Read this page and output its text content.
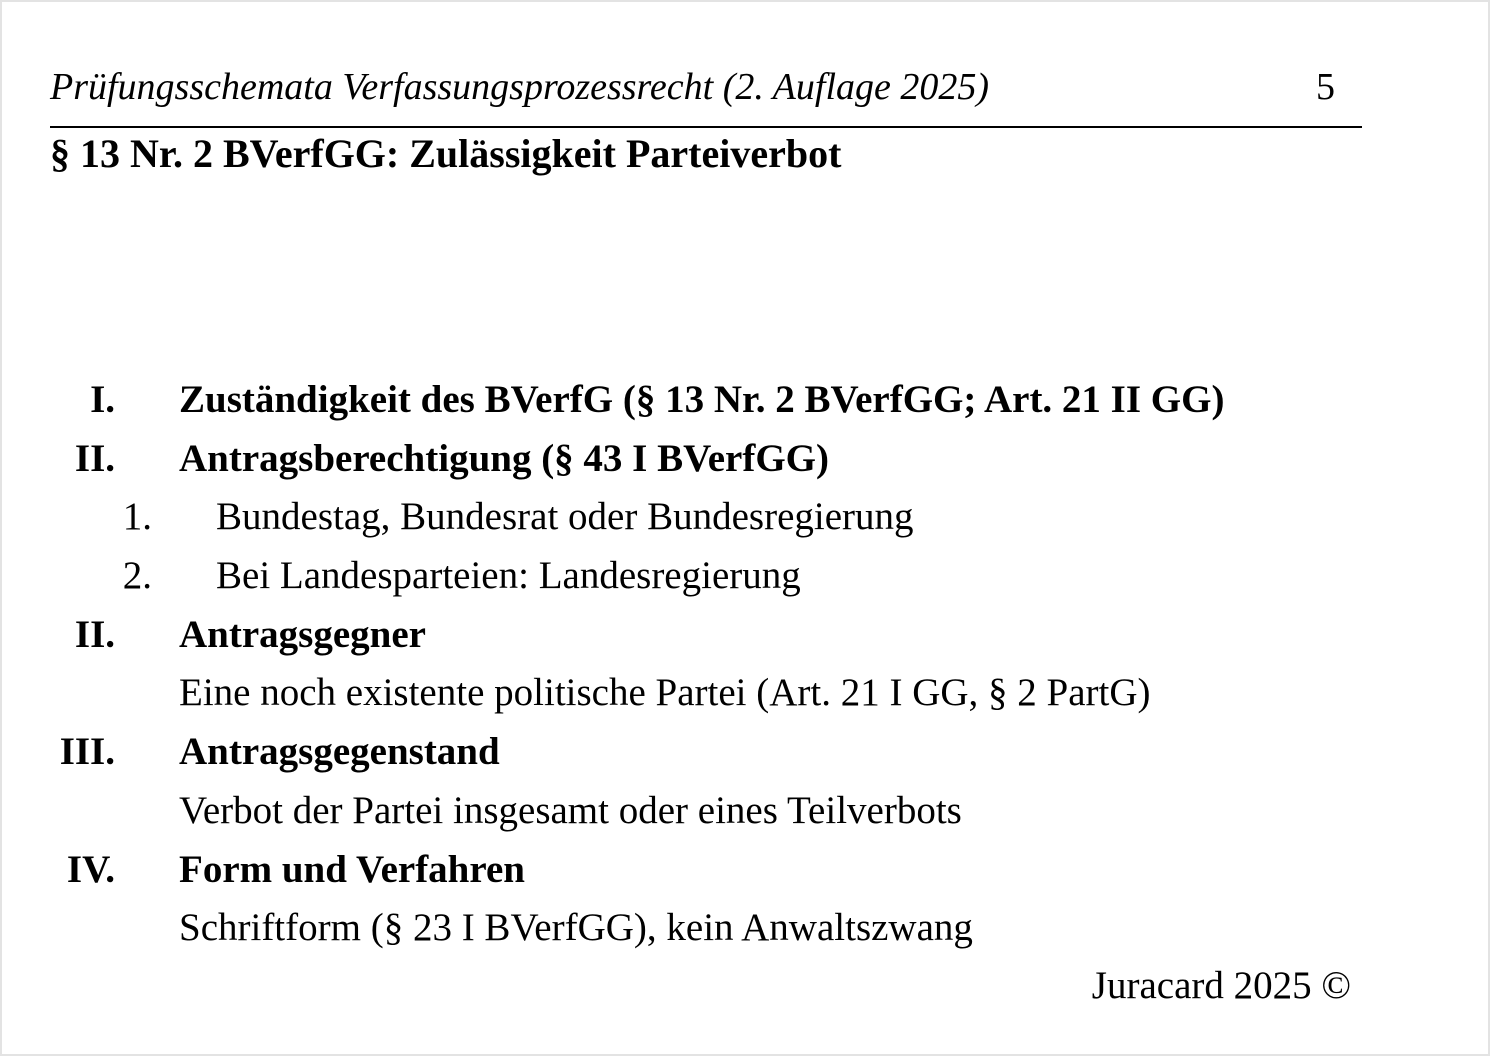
Prüfungsschemata Verfassungsprozessrecht (2. Auflage 2025)	5
§ 13 Nr. 2 BVerfGG: Zulässigkeit Parteiverbot
I. Zuständigkeit des BVerfG (§ 13 Nr. 2 BVerfGG; Art. 21 II GG)
II. Antragsberechtigung (§ 43 I BVerfGG)
1. Bundestag, Bundesrat oder Bundesregierung
2. Bei Landesparteien: Landesregierung
II. Antragsgegner
Eine noch existente politische Partei (Art. 21 I GG, § 2 PartG)
III. Antragsgegenstand
Verbot der Partei insgesamt oder eines Teilverbots
IV. Form und Verfahren
Schriftform (§ 23 I BVerfGG), kein Anwaltszwang
Juracard 2025 ©
